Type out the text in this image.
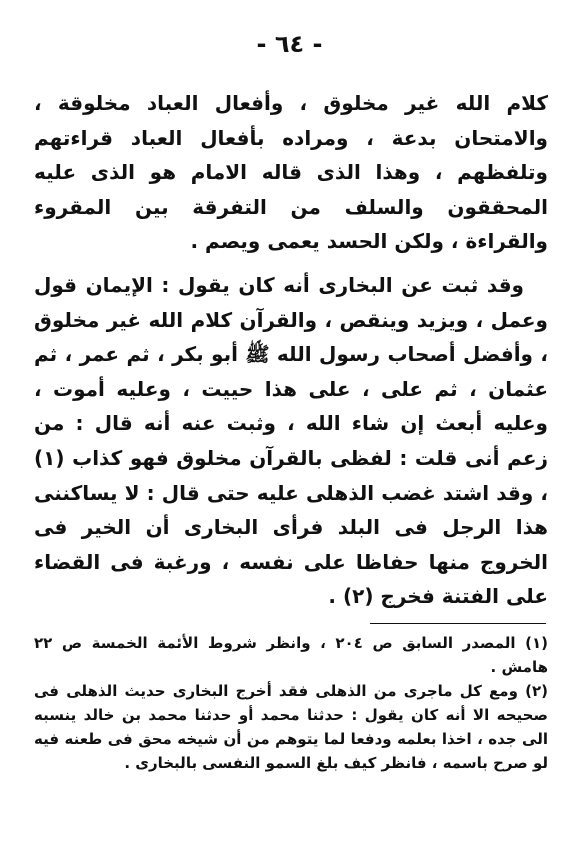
- ٦٤ -

كلام الله غير مخلوق ، وأفعال العباد مخلوقة ، والامتحان بدعة ، ومراده بأفعال العباد قراءتهم وتلفظهم ، وهذا الذى قاله الامام هو الذى عليه المحققون والسلف من التفرقة بين المقروء والقراءة ، ولكن الحسد يعمى ويصم .

وقد ثبت عن البخارى أنه كان يقول : الإيمان قول وعمل ، ويزيد وينقص ، والقرآن كلام الله غير مخلوق ، وأفضل أصحاب رسول الله ﷺ أبو بكر ، ثم عمر ، ثم عثمان ، ثم على ، على هذا حييت ، وعليه أموت ، وعليه أبعث إن شاء الله ، وثبت عنه أنه قال : من زعم أنى قلت : لفظى بالقرآن مخلوق فهو كذاب (١) ، وقد اشتد غضب الذهلى عليه حتى قال : لا يساكننى هذا الرجل فى البلد فرأى البخارى أن الخير فى الخروج منها حفاظا على نفسه ، ورغبة فى القضاء على الفتنة فخرج (٢) .

(١) المصدر السابق ص ٢٠٤ ، وانظر شروط الأئمة الخمسة ص ٢٢ هامش .

(٢) ومع كل ماجرى من الذهلى فقد أخرج البخارى حديث الذهلى فى صحيحه الا أنه كان يقول : حدثنا محمد أو حدثنا محمد بن خالد ينسبه الى جده ، اخذا بعلمه ودفعا لما يتوهم من أن شيخه محق فى طعنه فيه لو صرح باسمه ، فانظر كيف بلغ السمو النفسى بالبخارى .
